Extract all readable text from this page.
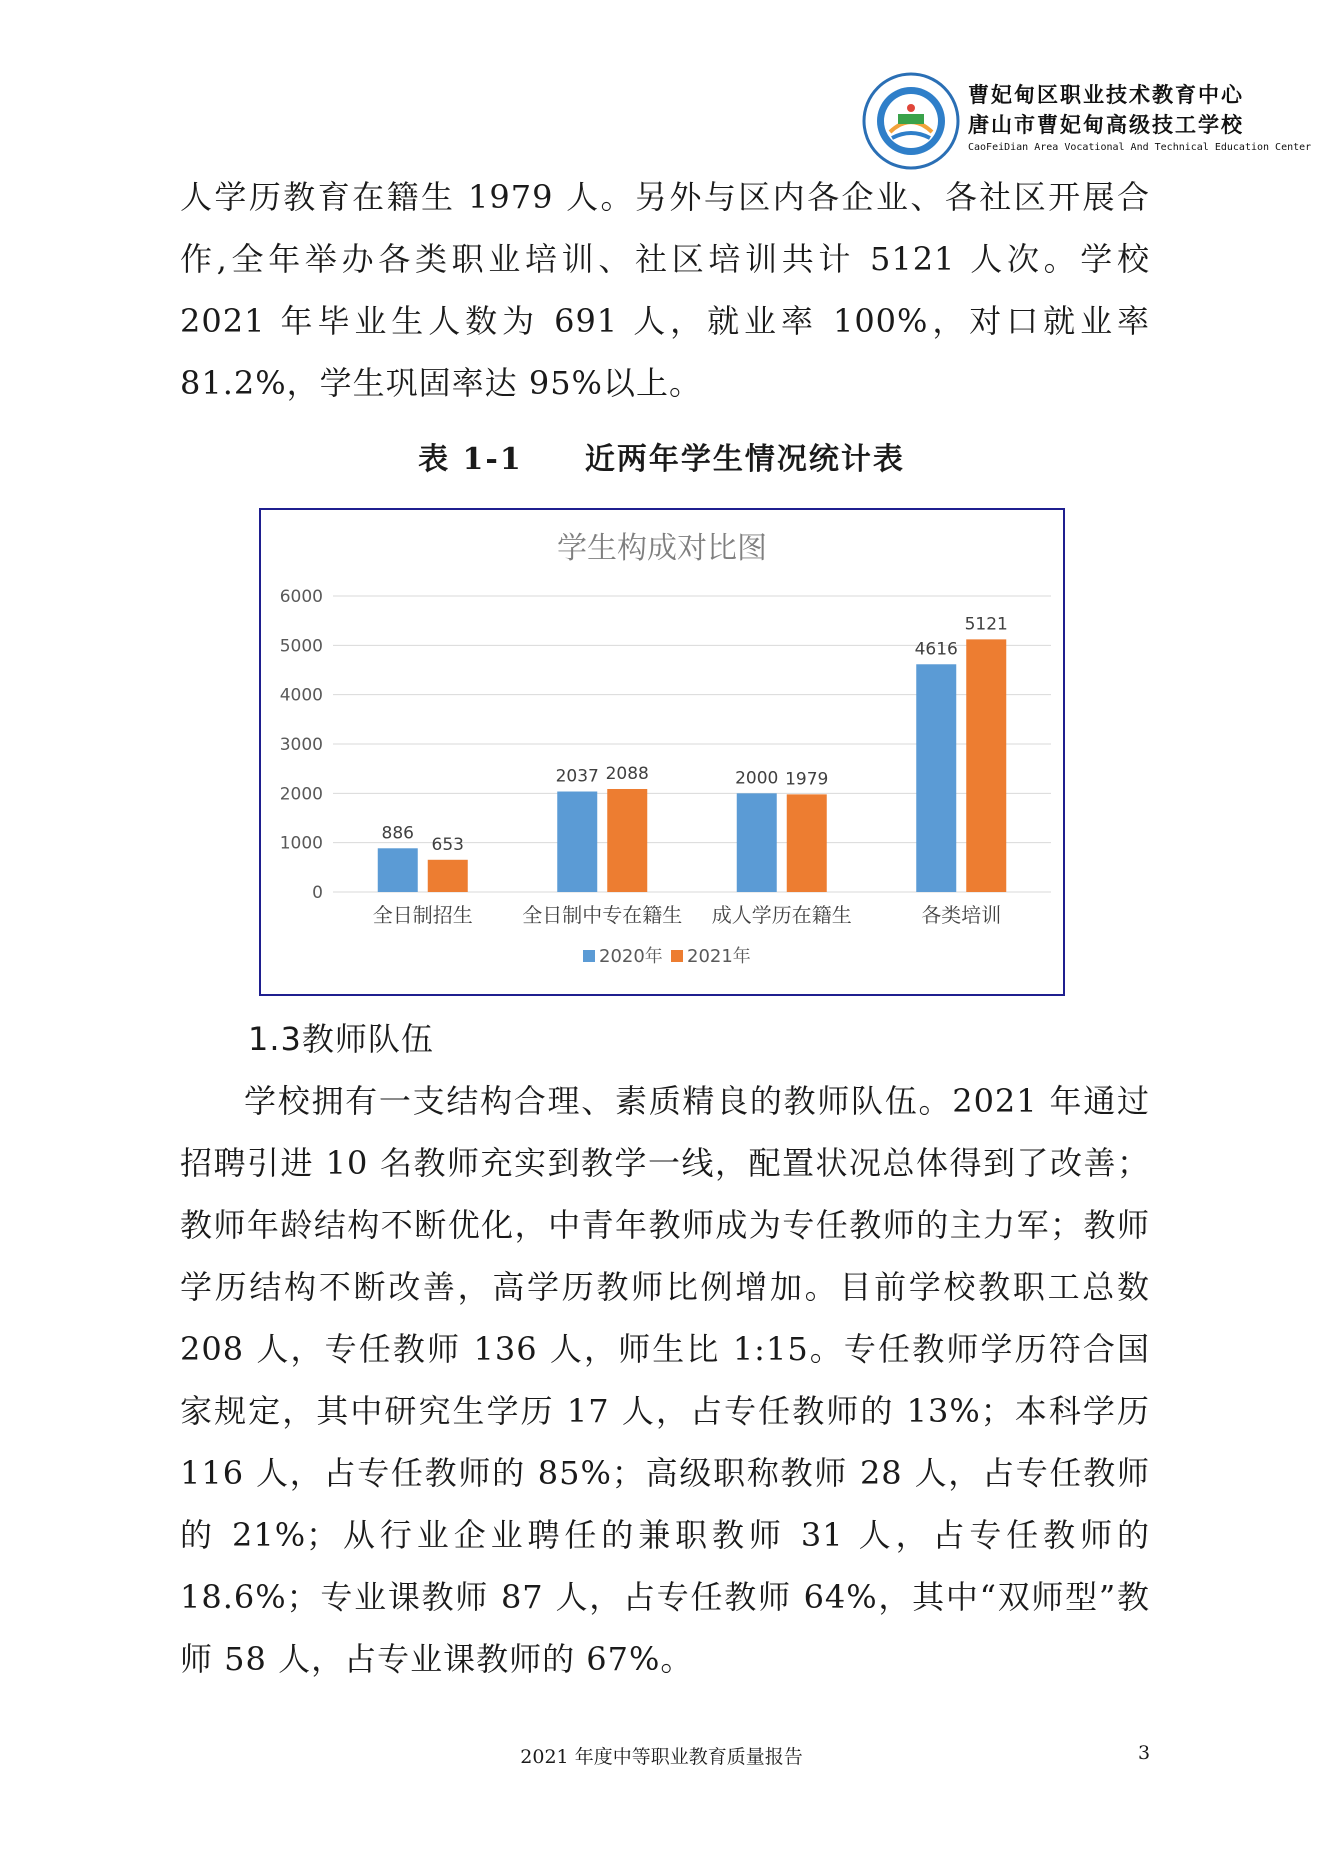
曹妃甸区职业技术教育中心
唐山市曹妃甸高级技工学校
CaoFeiDian Area Vocational And Technical Education Center

人学历教育在籍生 1979 人。另外与区内各企业、各社区开展合作,全年举办各类职业培训、社区培训共计 5121 人次。学校 2021 年毕业生人数为 691 人，就业率 100%，对口就业率 81.2%，学生巩固率达 95%以上。

表 1-1     近两年学生情况统计表
学生构成对比图
0
1000
2000
3000
4000
5000
6000
886
653
全日制招生
2037 2088
全日制中专在籍生
2000 1979
成人学历在籍生
4616
5121
各类培训
2020年 2021年
1.3教师队伍
学校拥有一支结构合理、素质精良的教师队伍。2021 年通过招聘引进 10 名教师充实到教学一线，配置状况总体得到了改善；教师年龄结构不断优化，中青年教师成为专任教师的主力军；教师学历结构不断改善，高学历教师比例增加。目前学校教职工总数 208 人，专任教师 136 人，师生比 1:15。专任教师学历符合国家规定，其中研究生学历 17 人，占专任教师的 13%；本科学历 116 人，占专任教师的 85%；高级职称教师 28 人，占专任教师的 21%；从行业企业聘任的兼职教师 31 人，占专任教师的 18.6%；专业课教师 87 人，占专任教师 64%，其中“双师型”教师 58 人，占专业课教师的 67%。
2021 年度中等职业教育质量报告	3
